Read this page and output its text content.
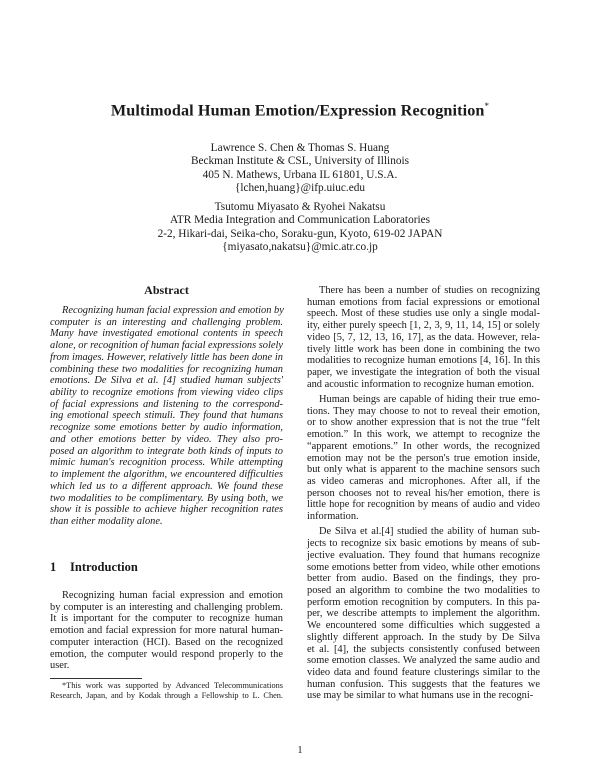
Multimodal Human Emotion/Expression Recognition*
Lawrence S. Chen & Thomas S. Huang
Beckman Institute & CSL, University of Illinois
405 N. Mathews, Urbana IL 61801, U.S.A.
{lchen,huang}@ifp.uiuc.edu
Tsutomu Miyasato & Ryohei Nakatsu
ATR Media Integration and Communication Laboratories
2-2, Hikari-dai, Seika-cho, Soraku-gun, Kyoto, 619-02 JAPAN
{miyasato,nakatsu}@mic.atr.co.jp
Abstract
Recognizing human facial expression and emotion by
computer is an interesting and challenging problem.
Many have investigated emotional contents in speech
alone, or recognition of human facial expressions solely
from images. However, relatively little has been done in
combining these two modalities for recognizing human
emotions. De Silva et al. [4] studied human subjects'
ability to recognize emotions from viewing video clips
of facial expressions and listening to the correspond-
ing emotional speech stimuli. They found that humans
recognize some emotions better by audio information,
and other emotions better by video. They also pro-
posed an algorithm to integrate both kinds of inputs to
mimic human's recognition process. While attempting
to implement the algorithm, we encountered difficulties
which led us to a different approach. We found these
two modalities to be complimentary. By using both, we
show it is possible to achieve higher recognition rates
than either modality alone.
1 Introduction
Recognizing human facial expression and emotion
by computer is an interesting and challenging problem.
It is important for the computer to recognize human
emotion and facial expression for more natural human-
computer interaction (HCI). Based on the recognized
emotion, the computer would respond properly to the
user.
*This work was supported by Advanced Telecommunications
Research, Japan, and by Kodak through a Fellowship to L. Chen.
There has been a number of studies on recognizing
human emotions from facial expressions or emotional
speech. Most of these studies use only a single modal-
ity, either purely speech [1, 2, 3, 9, 11, 14, 15] or solely
video [5, 7, 12, 13, 16, 17], as the data. However, rela-
tively little work has been done in combining the two
modalities to recognize human emotions [4, 16]. In this
paper, we investigate the integration of both the visual
and acoustic information to recognize human emotion.
Human beings are capable of hiding their true emo-
tions. They may choose to not to reveal their emotion,
or to show another expression that is not the true “felt
emotion.” In this work, we attempt to recognize the
“apparent emotions.” In other words, the recognized
emotion may not be the person's true emotion inside,
but only what is apparent to the machine sensors such
as video cameras and microphones. After all, if the
person chooses not to reveal his/her emotion, there is
little hope for recognition by means of audio and video
information.
De Silva et al.[4] studied the ability of human sub-
jects to recognize six basic emotions by means of sub-
jective evaluation. They found that humans recognize
some emotions better from video, while other emotions
better from audio. Based on the findings, they pro-
posed an algorithm to combine the two modalities to
perform emotion recognition by computers. In this pa-
per, we describe attempts to implement the algorithm.
We encountered some difficulties which suggested a
slightly different approach. In the study by De Silva
et al. [4], the subjects consistently confused between
some emotion classes. We analyzed the same audio and
video data and found feature clusterings similar to the
human confusion. This suggests that the features we
use may be similar to what humans use in the recogni-
1
